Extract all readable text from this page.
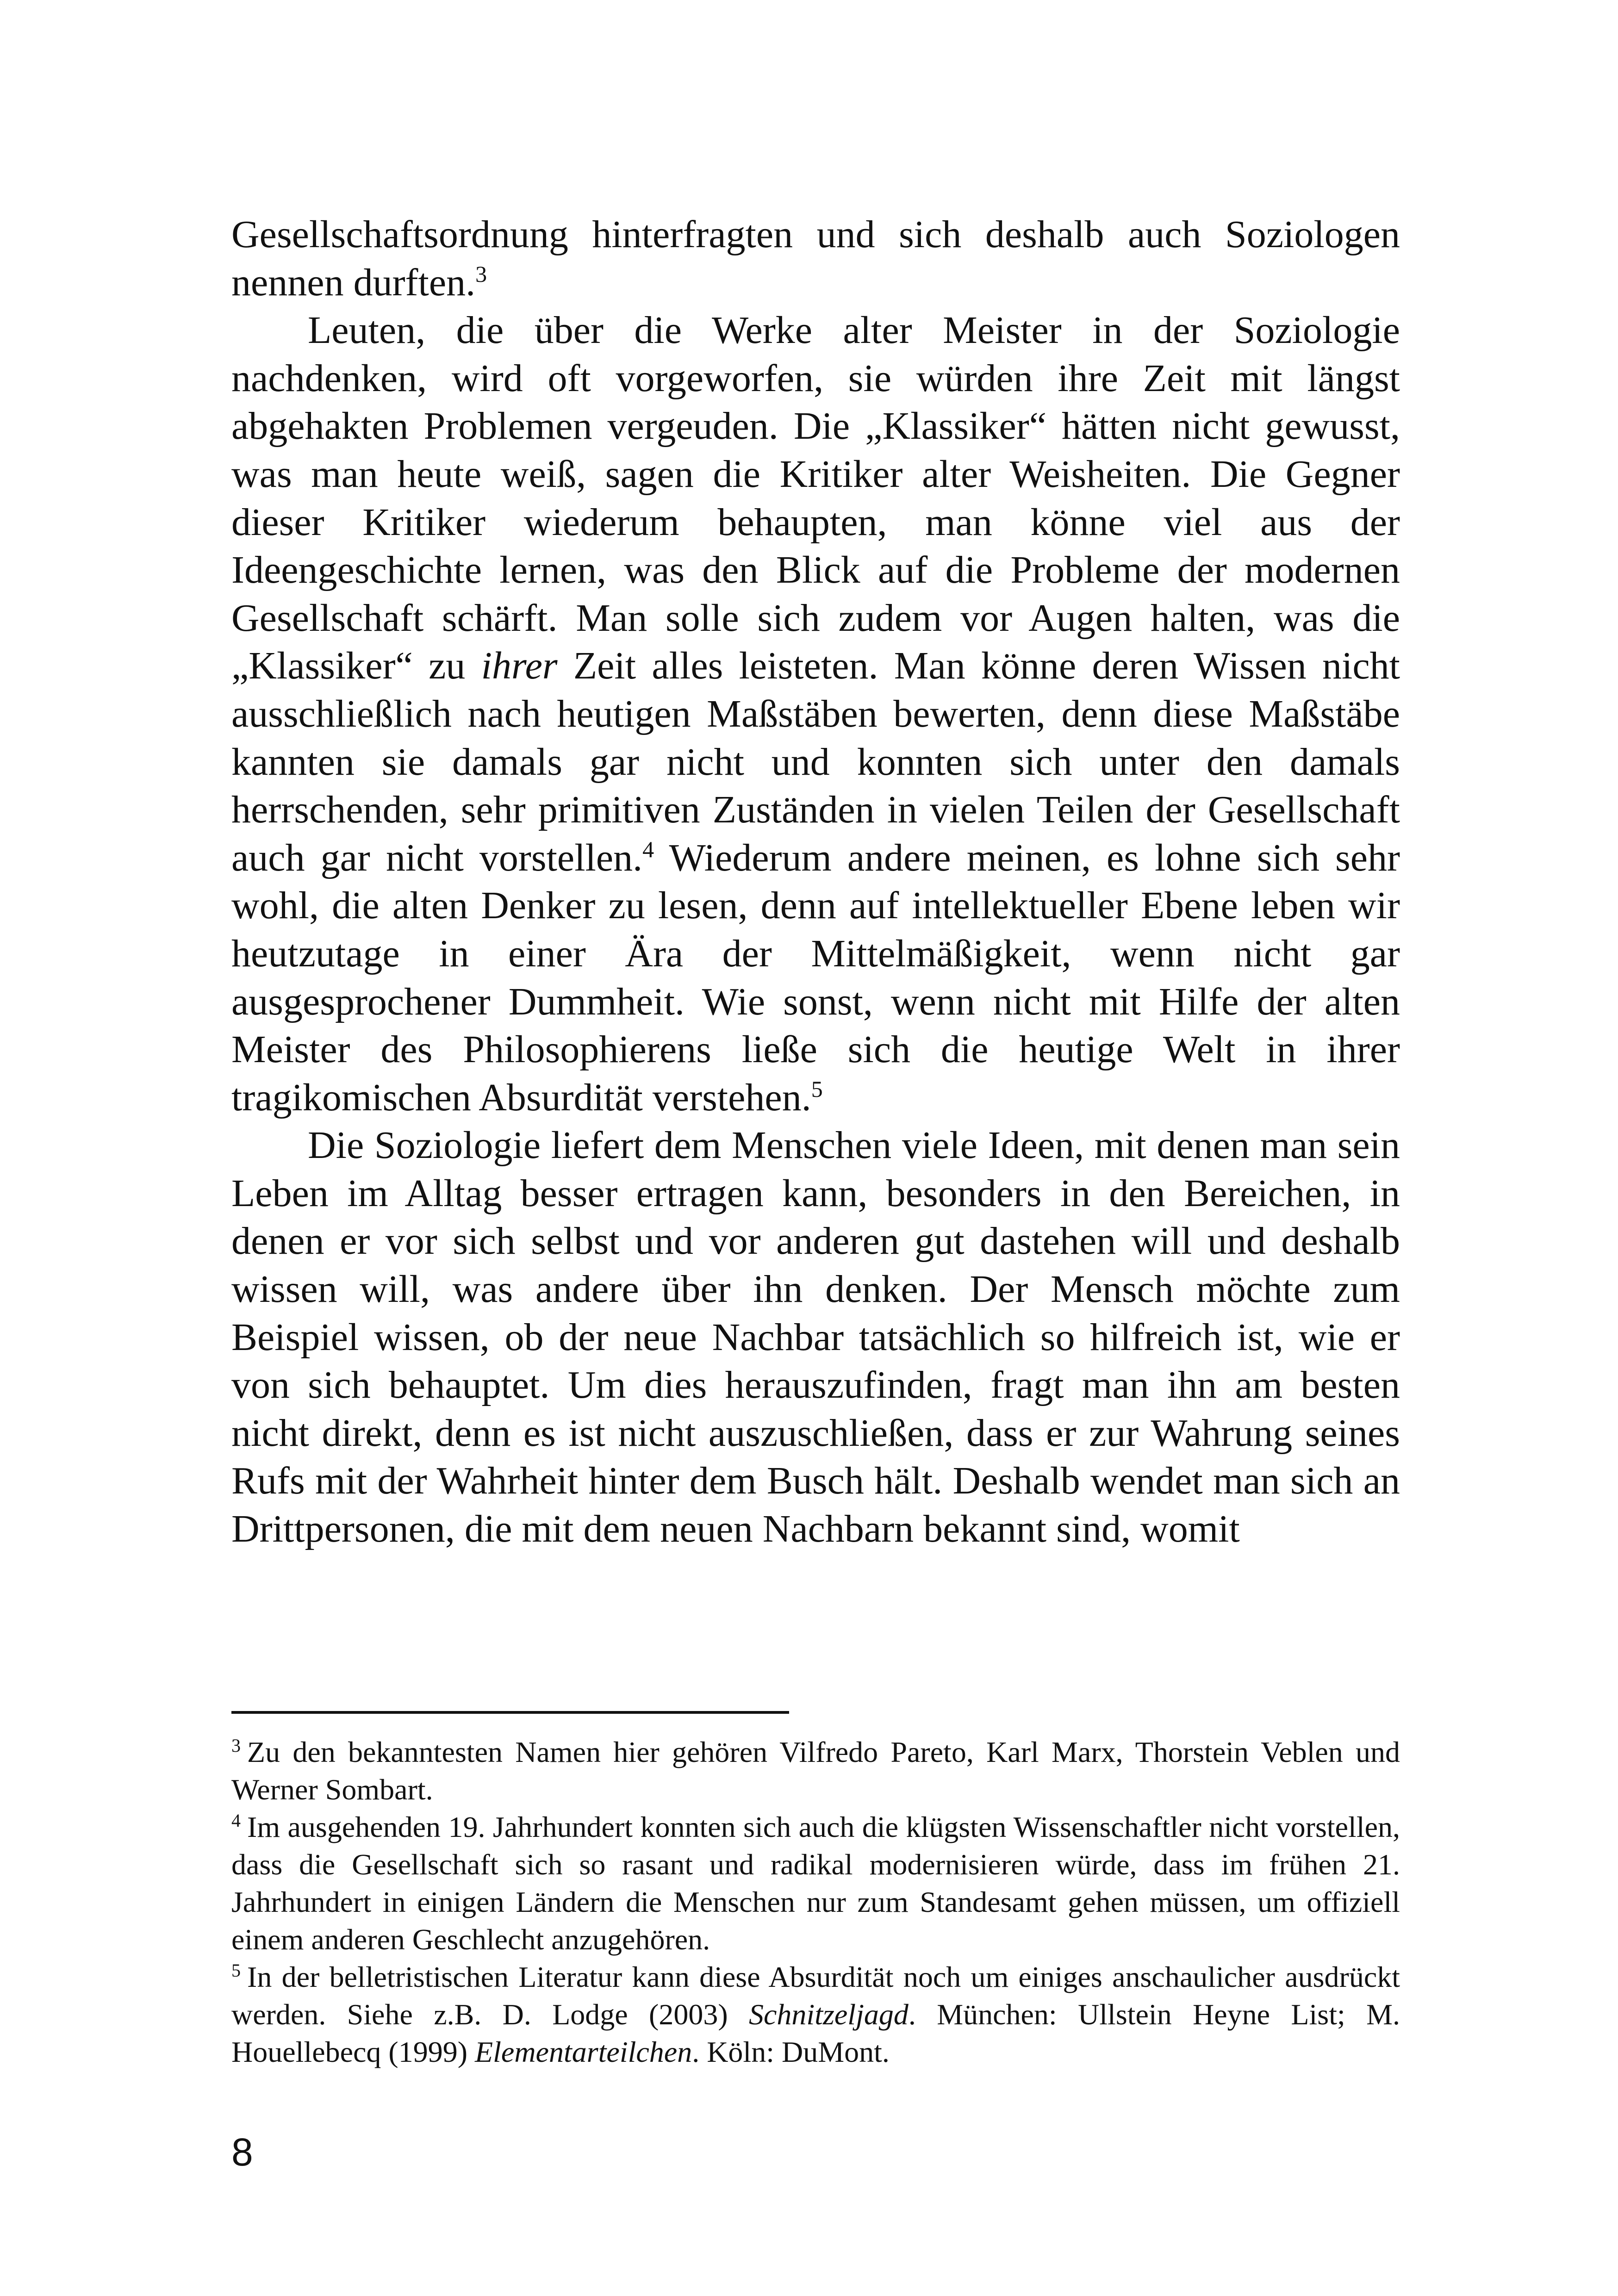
Gesellschaftsordnung hinterfragten und sich deshalb auch Soziologen nennen durften.$^3$

Leuten, die über die Werke alter Meister in der Soziologie nachdenken, wird oft vorgeworfen, sie würden ihre Zeit mit längst abgehakten Problemen vergeuden. Die „Klassiker“ hätten nicht gewusst, was man heute weiß, sagen die Kritiker alter Weisheiten. Die Gegner dieser Kritiker wiederum behaupten, man könne viel aus der Ideengeschichte lernen, was den Blick auf die Probleme der modernen Gesellschaft schärft. Man solle sich zudem vor Augen halten, was die „Klassiker“ zu ihrer Zeit alles leisteten. Man könne deren Wissen nicht ausschließlich nach heutigen Maßstäben bewerten, denn diese Maßstäbe kannten sie damals gar nicht und konnten sich unter den damals herrschenden, sehr primitiven Zuständen in vielen Teilen der Gesellschaft auch gar nicht vorstellen.$^4$ Wiederum andere meinen, es lohne sich sehr wohl, die alten Denker zu lesen, denn auf intellektueller Ebene leben wir heutzutage in einer Ära der Mittelmäßigkeit, wenn nicht gar ausgesprochener Dummheit. Wie sonst, wenn nicht mit Hilfe der alten Meister des Philosophierens ließe sich die heutige Welt in ihrer tragikomischen Absurdität verstehen.$^5$

Die Soziologie liefert dem Menschen viele Ideen, mit denen man sein Leben im Alltag besser ertragen kann, besonders in den Bereichen, in denen er vor sich selbst und vor anderen gut dastehen will und deshalb wissen will, was andere über ihn denken. Der Mensch möchte zum Beispiel wissen, ob der neue Nachbar tatsächlich so hilfreich ist, wie er von sich behauptet. Um dies herauszufinden, fragt man ihn am besten nicht direkt, denn es ist nicht auszuschließen, dass er zur Wahrung seines Rufs mit der Wahrheit hinter dem Busch hält. Deshalb wendet man sich an Drittpersonen, die mit dem neuen Nachbarn bekannt sind, womit

$^3$ Zu den bekanntesten Namen hier gehören Vilfredo Pareto, Karl Marx, Thorstein Veblen und Werner Sombart.

$^4$ Im ausgehenden 19. Jahrhundert konnten sich auch die klügsten Wissenschaftler nicht vorstellen, dass die Gesellschaft sich so rasant und radikal modernisieren würde, dass im frühen 21. Jahrhundert in einigen Ländern die Menschen nur zum Standesamt gehen müssen, um offiziell einem anderen Geschlecht anzugehören.

$^5$ In der belletristischen Literatur kann diese Absurdität noch um einiges anschaulicher ausdrückt werden. Siehe z.B. D. Lodge (2003) Schnitzeljagd. München: Ullstein Heyne List; M. Houellebecq (1999) Elementarteilchen. Köln: DuMont.

8
